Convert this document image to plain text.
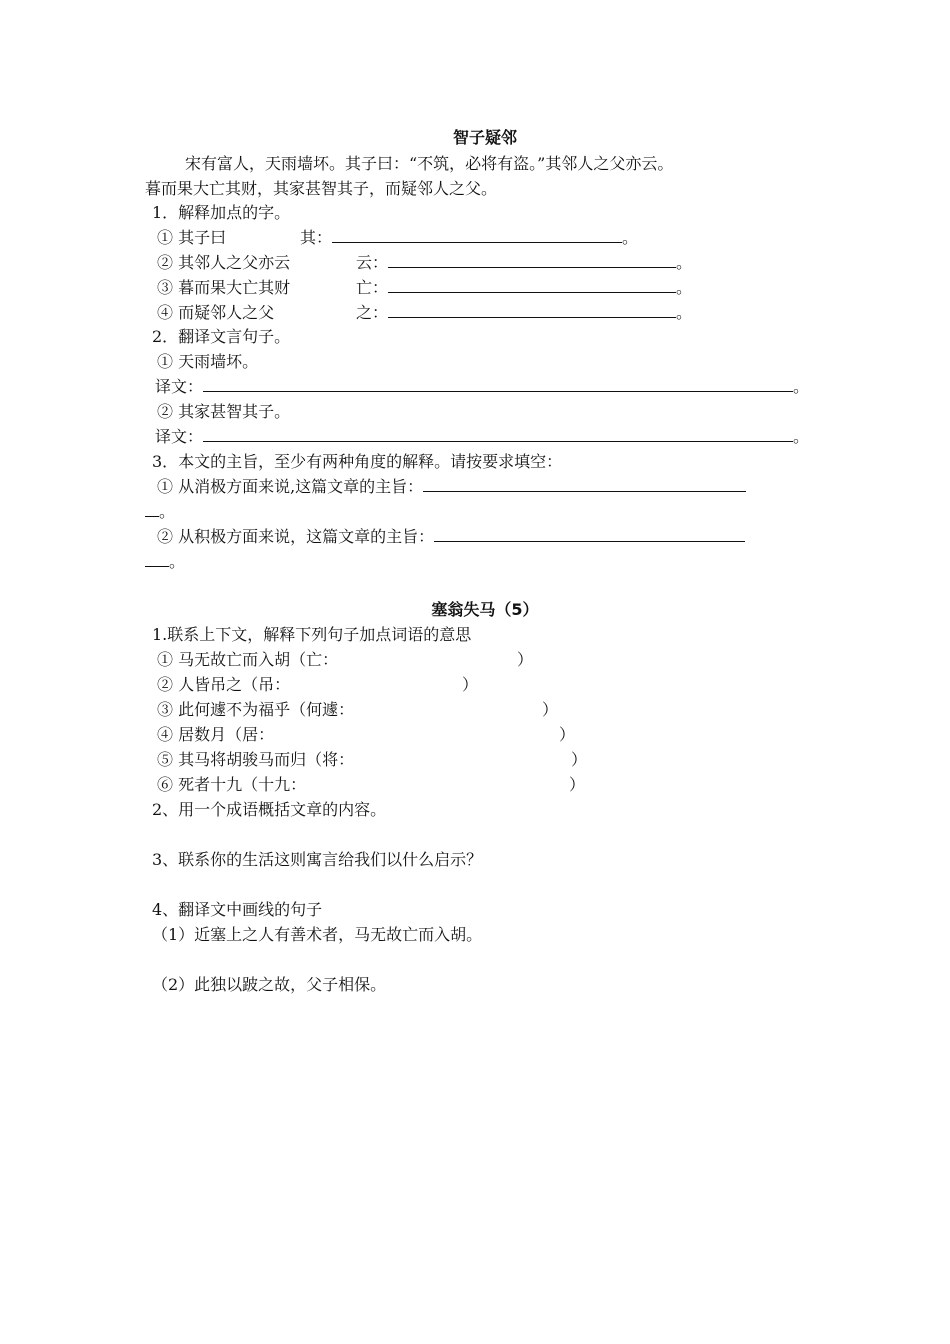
智子疑邻
宋有富人，天雨墙坏。其子曰：“不筑，必将有盗。”其邻人之父亦云。
暮而果大亡其财，其家甚智其子，而疑邻人之父。
1．解释加点的字。
① 其子曰	其：	。
② 其邻人之父亦云	云：	。
③ 暮而果大亡其财	亡：	。
④ 而疑邻人之父	之：	。
2．翻译文言句子。
① 天雨墙坏。
译文：	。
② 其家甚智其子。
译文：	。
3．本文的主旨，至少有两种角度的解释。请按要求填空：
① 从消极方面来说,这篇文章的主旨：
。
② 从积极方面来说，这篇文章的主旨：
。
塞翁失马（5）
1.联系上下文，解释下列句子加点词语的意思
① 马无故亡而入胡（亡：	）
② 人皆吊之（吊：	）
③ 此何遽不为福乎（何遽：	）
④ 居数月（居：	）
⑤ 其马将胡骏马而归（将：	）
⑥ 死者十九（十九：	）
2、用一个成语概括文章的内容。
3、联系你的生活这则寓言给我们以什么启示？
4、翻译文中画线的句子
（1）近塞上之人有善术者，马无故亡而入胡。
（2）此独以跛之故，父子相保。
